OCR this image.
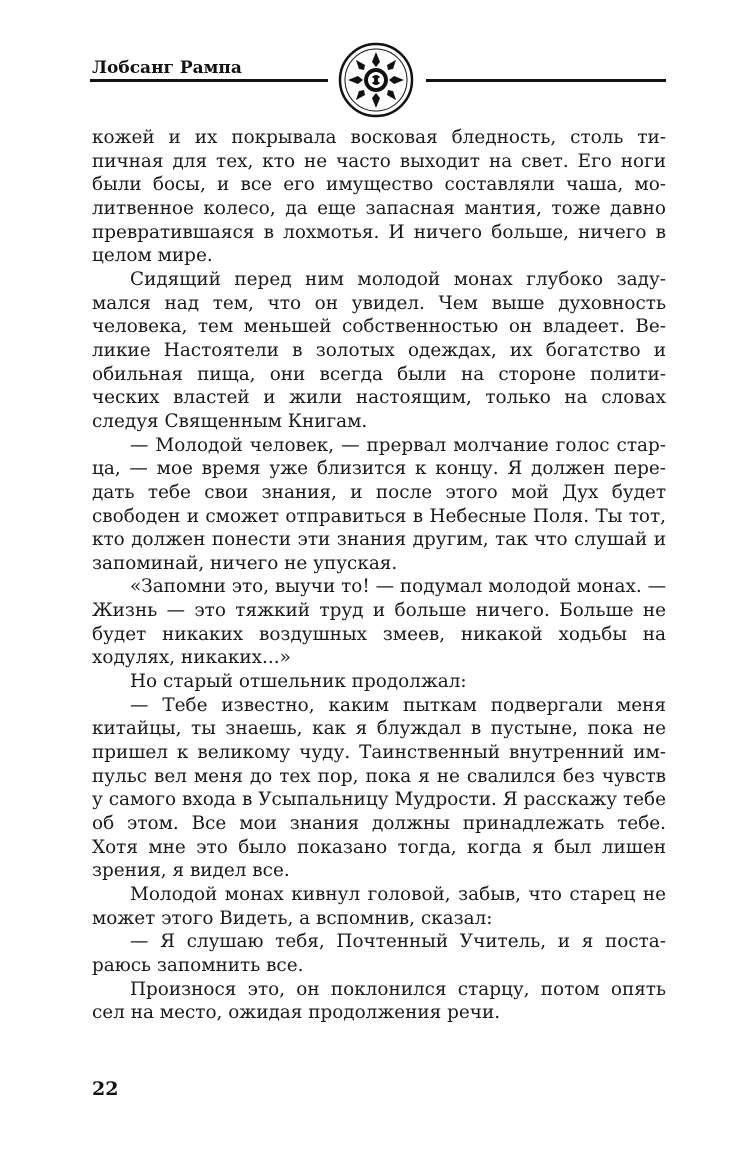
Лобсанг Рампа

кожей и их покрывала восковая бледность, столь типичная для тех, кто не часто выходит на свет. Его ноги были босы, и все его имущество составляли чаша, молитвенное колесо, да еще запасная мантия, тоже давно превратившаяся в лохмотья. И ничего больше, ничего в целом мире.

Сидящий перед ним молодой монах глубоко задумался над тем, что он увидел. Чем выше духовность человека, тем меньшей собственностью он владеет. Великие Настоятели в золотых одеждах, их богатство и обильная пища, они всегда были на стороне политических властей и жили настоящим, только на словах следуя Священным Книгам.

— Молодой человек, — прервал молчание голос старца, — мое время уже близится к концу. Я должен передать тебе свои знания, и после этого мой Дух будет свободен и сможет отправиться в Небесные Поля. Ты тот, кто должен понести эти знания другим, так что слушай и запоминай, ничего не упуская.

«Запомни это, выучи то! — подумал молодой монах. — Жизнь — это тяжкий труд и больше ничего. Больше не будет никаких воздушных змеев, никакой ходьбы на ходулях, никаких...»

Но старый отшельник продолжал:

— Тебе известно, каким пыткам подвергали меня китайцы, ты знаешь, как я блуждал в пустыне, пока не пришел к великому чуду. Таинственный внутренний импульс вел меня до тех пор, пока я не свалился без чувств у самого входа в Усыпальницу Мудрости. Я расскажу тебе об этом. Все мои знания должны принадлежать тебе. Хотя мне это было показано тогда, когда я был лишен зрения, я видел все.

Молодой монах кивнул головой, забыв, что старец не может этого Видеть, а вспомнив, сказал:

— Я слушаю тебя, Почтенный Учитель, и я постараюсь запомнить все.

Произнося это, он поклонился старцу, потом опять сел на место, ожидая продолжения речи.

22
